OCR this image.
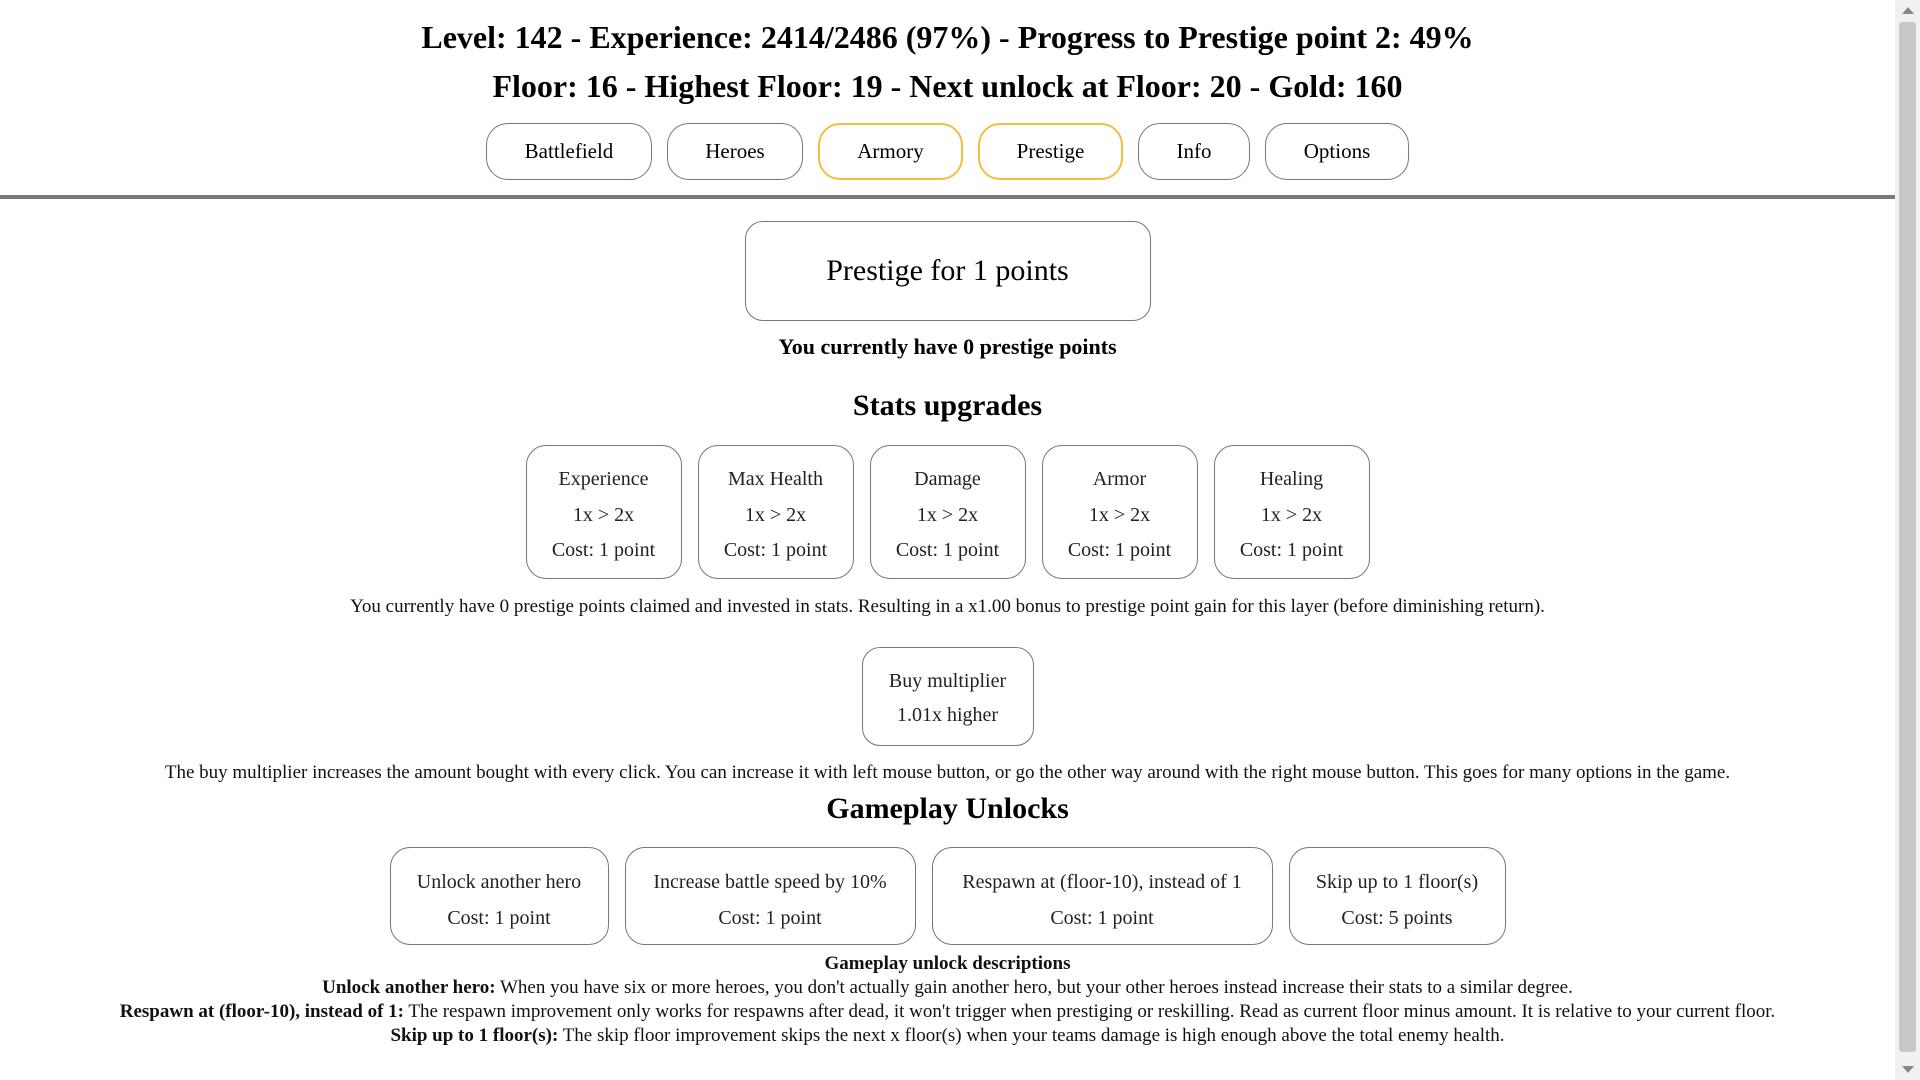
Level: 142 - Experience: 2414/2486 (97%) - Progress to Prestige point 2: 49%
Floor: 16 - Highest Floor: 19 - Next unlock at Floor: 20 - Gold: 160
Battlefield	Heroes	Armory	Prestige	Info	Options
Prestige for 1 points
You currently have 0 prestige points
Stats upgrades
Experience
1x > 2x
Cost: 1 point
Max Health
1x > 2x
Cost: 1 point
Damage
1x > 2x
Cost: 1 point
Armor
1x > 2x
Cost: 1 point
Healing
1x > 2x
Cost: 1 point
You currently have 0 prestige points claimed and invested in stats. Resulting in a x1.00 bonus to prestige point gain for this layer (before diminishing return).
Buy multiplier
1.01x higher
The buy multiplier increases the amount bought with every click. You can increase it with left mouse button, or go the other way around with the right mouse button. This goes for many options in the game.
Gameplay Unlocks
Unlock another hero
Cost: 1 point
Increase battle speed by 10%
Cost: 1 point
Respawn at (floor-10), instead of 1
Cost: 1 point
Skip up to 1 floor(s)
Cost: 5 points
Gameplay unlock descriptions
Unlock another hero: When you have six or more heroes, you don't actually gain another hero, but your other heroes instead increase their stats to a similar degree.
Respawn at (floor-10), instead of 1: The respawn improvement only works for respawns after dead, it won't trigger when prestiging or reskilling. Read as current floor minus amount. It is relative to your current floor.
Skip up to 1 floor(s): The skip floor improvement skips the next x floor(s) when your teams damage is high enough above the total enemy health.
